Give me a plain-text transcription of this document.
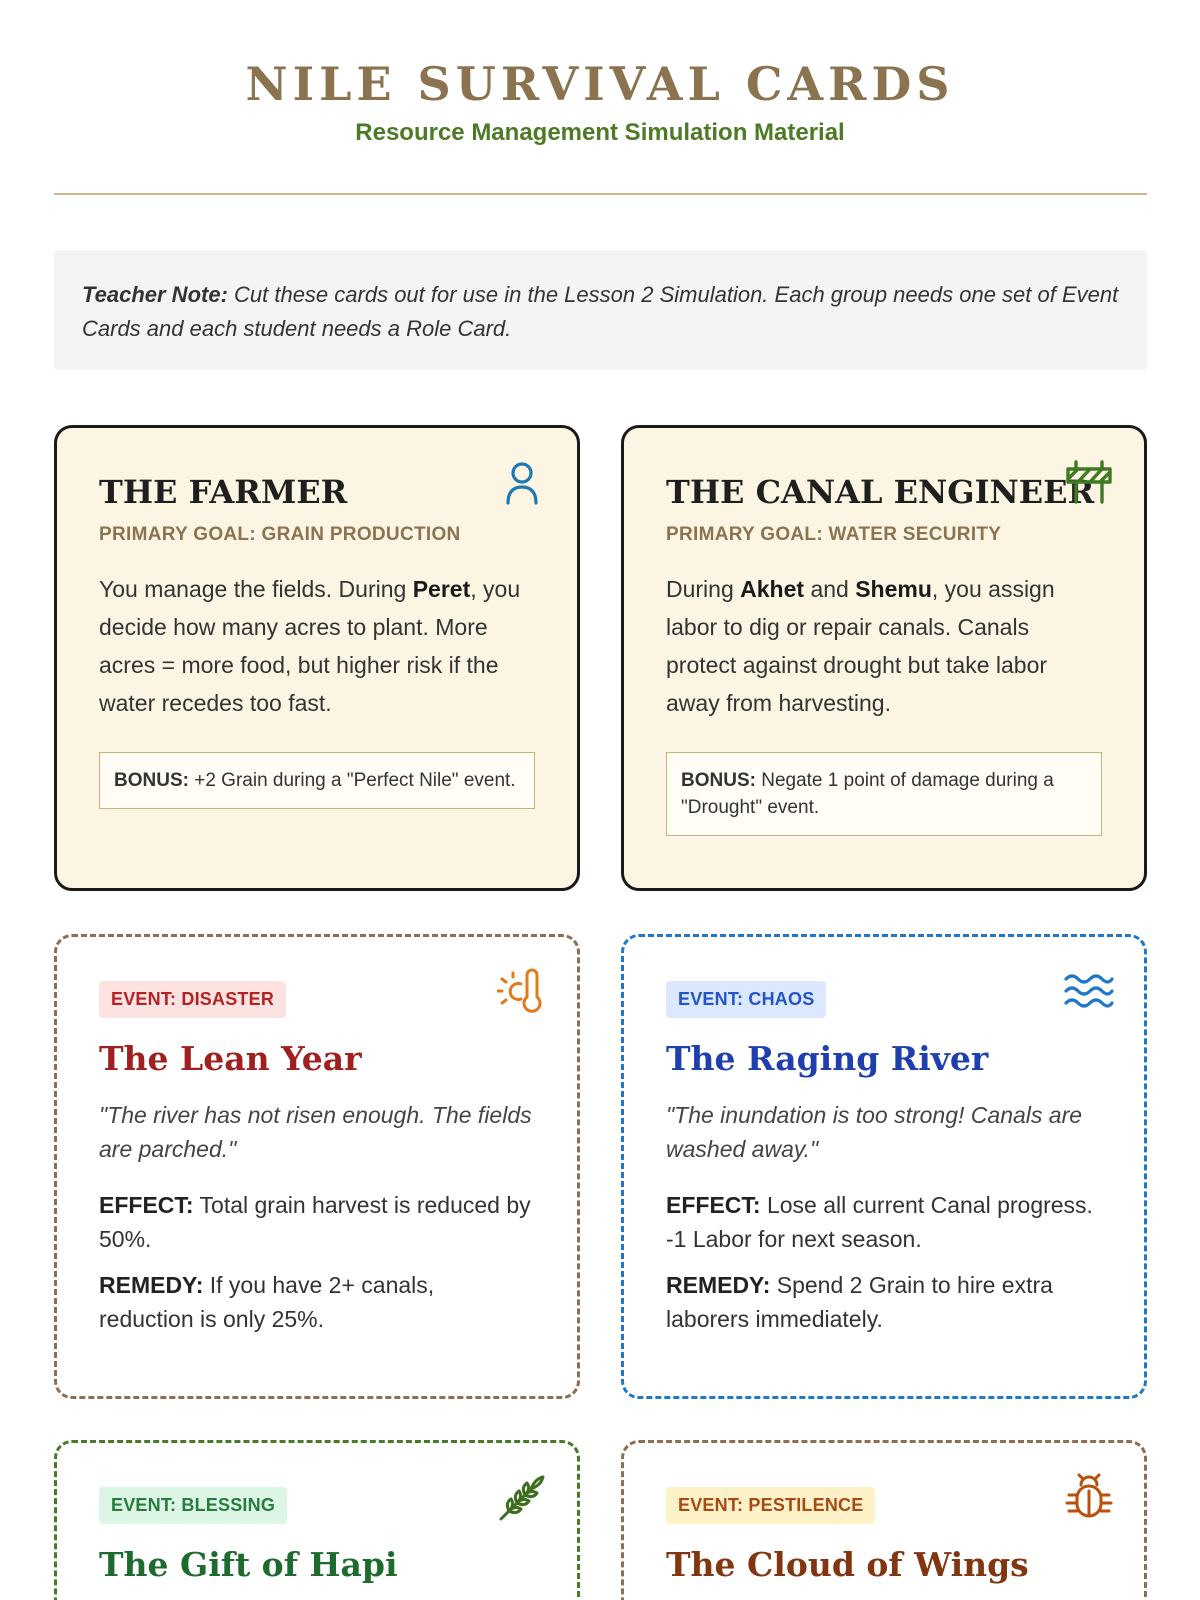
NILE SURVIVAL CARDS
Resource Management Simulation Material
Teacher Note: Cut these cards out for use in the Lesson 2 Simulation. Each group needs one set of Event Cards and each student needs a Role Card.
THE FARMER
PRIMARY GOAL: GRAIN PRODUCTION
You manage the fields. During Peret, you decide how many acres to plant. More acres = more food, but higher risk if the water recedes too fast.
BONUS: +2 Grain during a "Perfect Nile" event.
THE CANAL ENGINEER
PRIMARY GOAL: WATER SECURITY
During Akhet and Shemu, you assign labor to dig or repair canals. Canals protect against drought but take labor away from harvesting.
BONUS: Negate 1 point of damage during a "Drought" event.
EVENT: DISASTER
The Lean Year
"The river has not risen enough. The fields are parched."
EFFECT: Total grain harvest is reduced by 50%.
REMEDY: If you have 2+ canals, reduction is only 25%.
EVENT: CHAOS
The Raging River
"The inundation is too strong! Canals are washed away."
EFFECT: Lose all current Canal progress. -1 Labor for next season.
REMEDY: Spend 2 Grain to hire extra laborers immediately.
EVENT: BLESSING
The Gift of Hapi
EVENT: PESTILENCE
The Cloud of Wings
